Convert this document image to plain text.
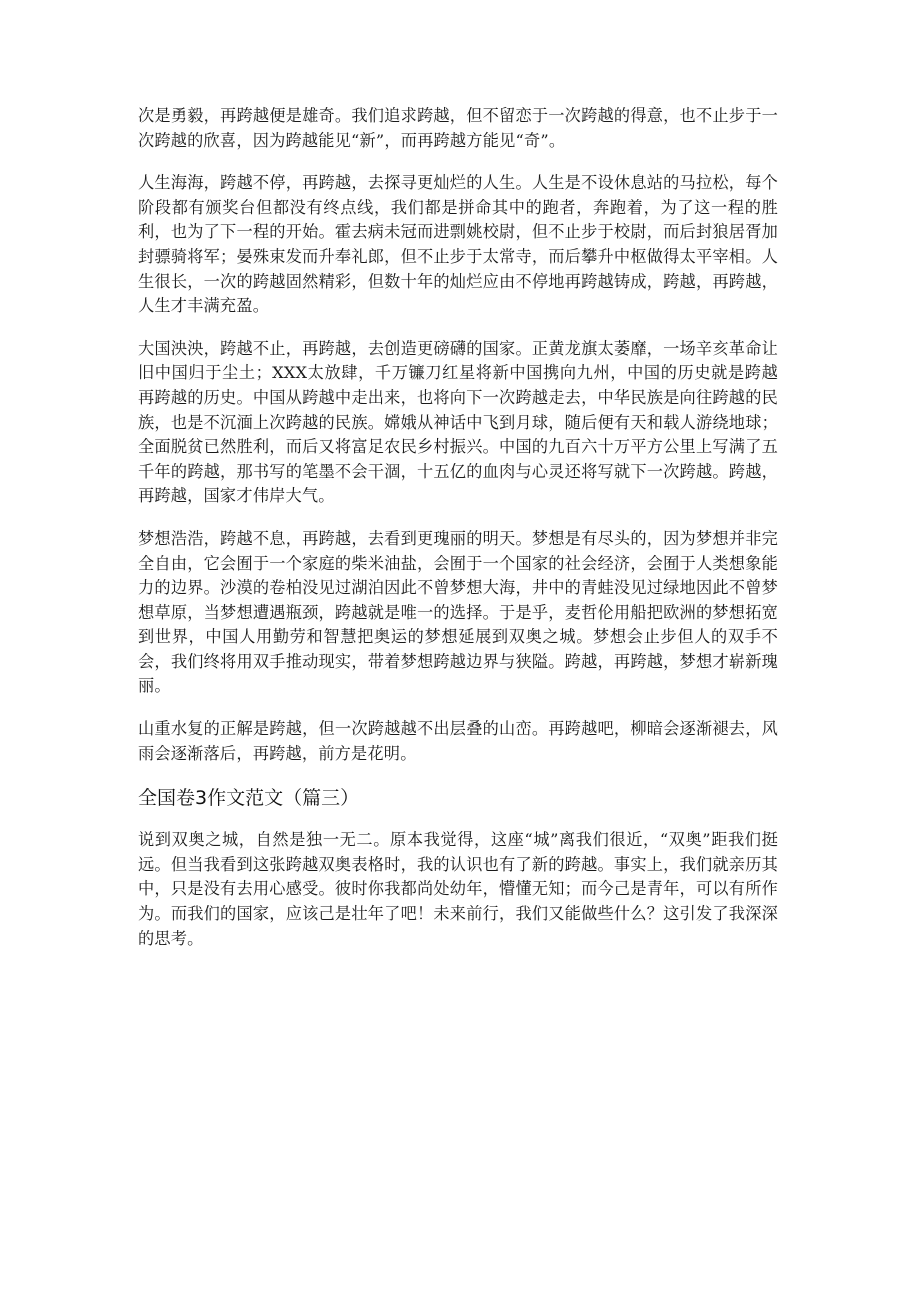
次是勇毅，再跨越便是雄奇。我们追求跨越，但不留恋于一次跨越的得意，也不止步于一次跨越的欣喜，因为跨越能见“新”，而再跨越方能见“奇”。

人生海海，跨越不停，再跨越，去探寻更灿烂的人生。人生是不设休息站的马拉松，每个阶段都有颁奖台但都没有终点线，我们都是拼命其中的跑者，奔跑着，为了这一程的胜利，也为了下一程的开始。霍去病未冠而进剽姚校尉，但不止步于校尉，而后封狼居胥加封骠骑将军；晏殊束发而升奉礼郎，但不止步于太常寺，而后攀升中枢做得太平宰相。人生很长，一次的跨越固然精彩，但数十年的灿烂应由不停地再跨越铸成，跨越，再跨越，人生才丰满充盈。

大国泱泱，跨越不止，再跨越，去创造更磅礴的国家。正黄龙旗太萎靡，一场辛亥革命让旧中国归于尘土；XXX太放肆，千万镰刀红星将新中国携向九州，中国的历史就是跨越再跨越的历史。中国从跨越中走出来，也将向下一次跨越走去，中华民族是向往跨越的民族，也是不沉湎上次跨越的民族。嫦娥从神话中飞到月球，随后便有天和载人游绕地球；全面脱贫已然胜利，而后又将富足农民乡村振兴。中国的九百六十万平方公里上写满了五千年的跨越，那书写的笔墨不会干涸，十五亿的血肉与心灵还将写就下一次跨越。跨越，再跨越，国家才伟岸大气。

梦想浩浩，跨越不息，再跨越，去看到更瑰丽的明天。梦想是有尽头的，因为梦想并非完全自由，它会囿于一个家庭的柴米油盐，会囿于一个国家的社会经济，会囿于人类想象能力的边界。沙漠的卷柏没见过湖泊因此不曾梦想大海，井中的青蛙没见过绿地因此不曾梦想草原，当梦想遭遇瓶颈，跨越就是唯一的选择。于是乎，麦哲伦用船把欧洲的梦想拓宽到世界，中国人用勤劳和智慧把奥运的梦想延展到双奥之城。梦想会止步但人的双手不会，我们终将用双手推动现实，带着梦想跨越边界与狭隘。跨越，再跨越，梦想才崭新瑰丽。

山重水复的正解是跨越，但一次跨越越不出层叠的山峦。再跨越吧，柳暗会逐渐褪去，风雨会逐渐落后，再跨越，前方是花明。

全国卷3作文范文（篇三）

说到双奥之城，自然是独一无二。原本我觉得，这座“城”离我们很近，“双奥”距我们挺远。但当我看到这张跨越双奥表格时，我的认识也有了新的跨越。事实上，我们就亲历其中，只是没有去用心感受。彼时你我都尚处幼年，懵懂无知；而今己是青年，可以有所作为。而我们的国家，应该己是壮年了吧！未来前行，我们又能做些什么？这引发了我深深的思考。
